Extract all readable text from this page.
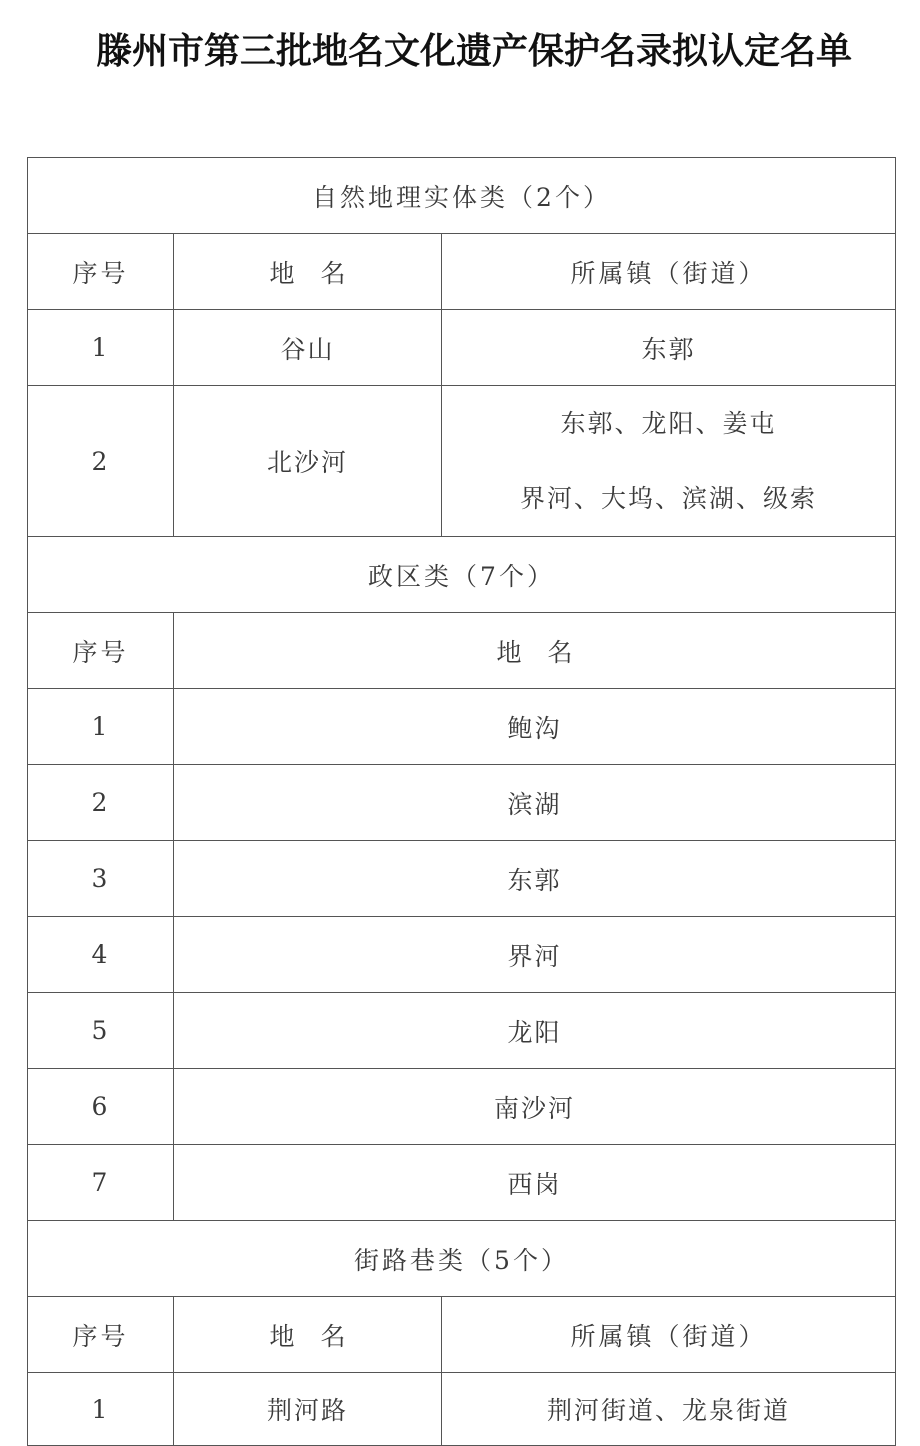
滕州市第三批地名文化遗产保护名录拟认定名单
自然地理实体类（2个）		
序号	地名	所属镇（街道）
1	谷山	东郭
2	北沙河	东郭、龙阳、姜屯
界河、大坞、滨湖、级索

政区类（7个）		
序号	地名	
1	鲍沟	
2	滨湖	
3	东郭	
4	界河	
5	龙阳	
6	南沙河	
7	西岗	
街路巷类（5个）		
序号	地名	所属镇（街道）
1	荆河路	荆河街道、龙泉街道
